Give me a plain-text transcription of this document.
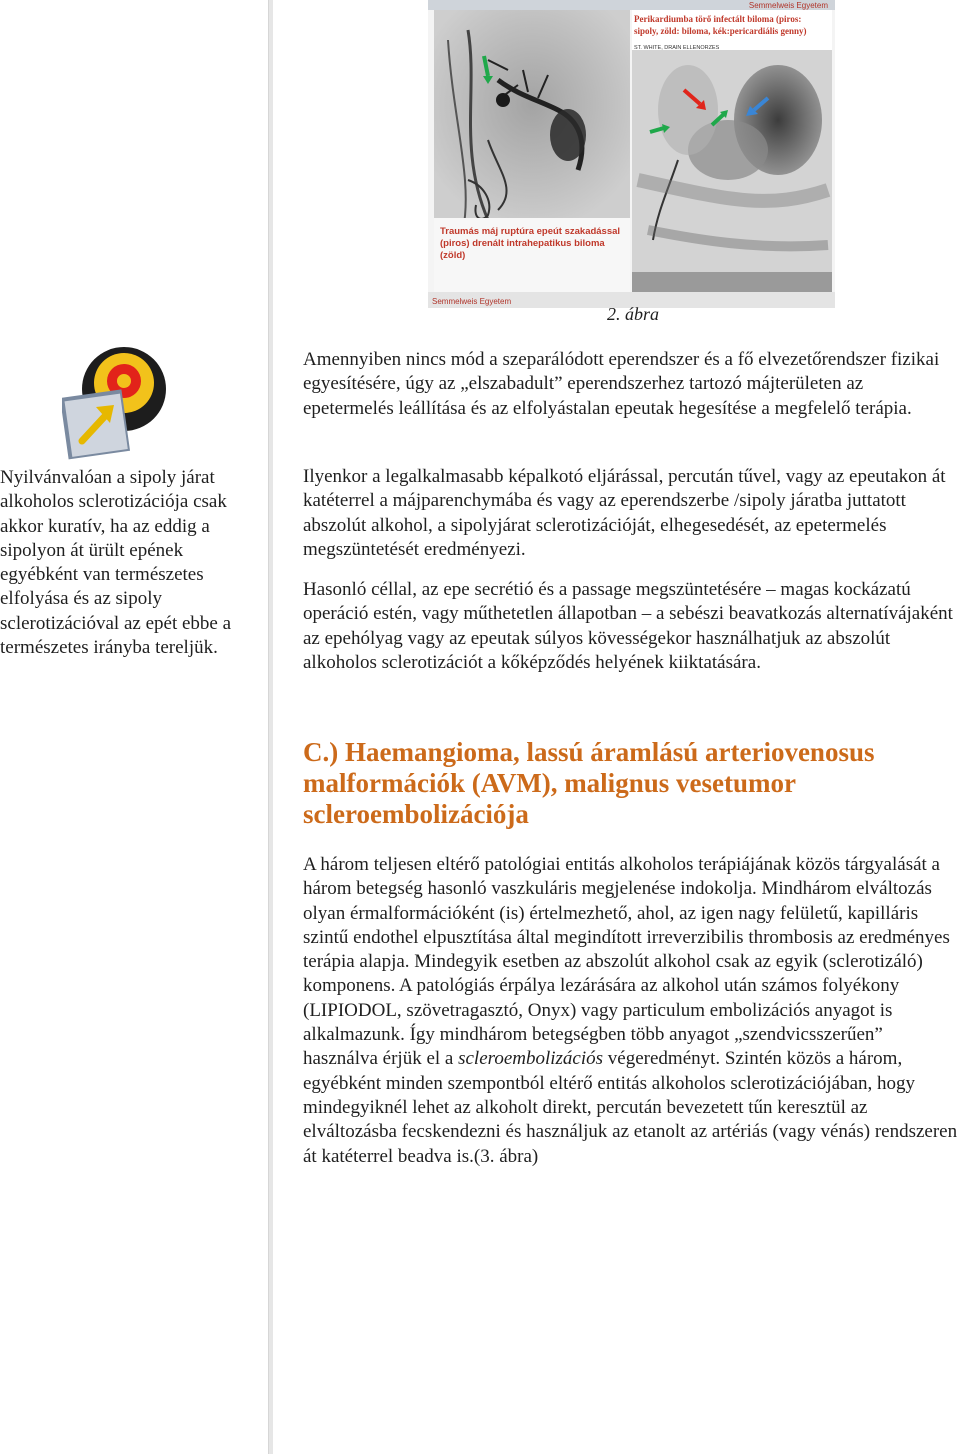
Semmelweis Egyetem
Traumás máj ruptúra epeút szakadással
(piros) drenált intrahepatikus biloma
(zöld)
Perikardiumba törő infectált biloma (piros:
sipoly, zöld: biloma, kék:pericardiális genny)
ST. WHITE, DRAIN ELLENORZES
Semmelweis Egyetem

2. ábra

Nyilvánvalóan a sipoly járat alkoholos sclerotizációja csak akkor kuratív, ha az eddig a sipolyon át ürült epének egyébként van természetes elfolyása és az sipoly sclerotizációval az epét ebbe a természetes irányba tereljük.

Amennyiben nincs mód a szeparálódott eperendszer és a fő elvezetőrendszer fizikai egyesítésére, úgy az „elszabadult” eperendszerhez tartozó májterületen az epetermelés leállítása és az elfolyástalan epeutak hegesítése a megfelelő terápia.

Ilyenkor a legalkalmasabb képalkotó eljárással, percután tűvel, vagy az epeutakon át katéterrel a májparenchymába és vagy az eperendszerbe /sipoly járatba juttatott abszolút alkohol, a sipolyjárat sclerotizációját, elhegesedését, az epetermelés megszüntetését eredményezi.

Hasonló céllal, az epe secrétió és a passage megszüntetésére – magas kockázatú operáció estén, vagy műthetetlen állapotban – a sebészi beavatkozás alternatívájaként az epehólyag vagy az epeutak súlyos kövességekor használhatjuk az abszolút alkoholos sclerotizációt a kőképződés helyének kiiktatására.

C.) Haemangioma, lassú áramlású arteriovenosus malformációk (AVM), malignus vesetumor scleroembolizációja

A három teljesen eltérő patológiai entitás alkoholos terápiájának közös tárgyalását a három betegség hasonló vaszkuláris megjelenése indokolja. Mindhárom elváltozás olyan érmalformációként (is) értelmezhető, ahol, az igen nagy felületű, kapilláris szintű endothel elpusztítása által megindított irreverzibilis thrombosis az eredményes terápia alapja. Mindegyik esetben az abszolút alkohol csak az egyik (sclerotizáló) komponens. A patológiás érpálya lezárására az alkohol után számos folyékony (LIPIODOL, szövetragasztó, Onyx) vagy particulum embolizációs anyagot is alkalmazunk. Így mindhárom betegségben több anyagot „szendvicsszerűen” használva érjük el a scleroembolizációs végeredményt. Szintén közös a három, egyébként minden szempontból eltérő entitás alkoholos sclerotizációjában, hogy mindegyiknél lehet az alkoholt direkt, percután bevezetett tűn keresztül az elváltozásba fecskendezni és használjuk az etanolt az artériás (vagy vénás) rendszeren át katéterrel beadva is.(3. ábra)
